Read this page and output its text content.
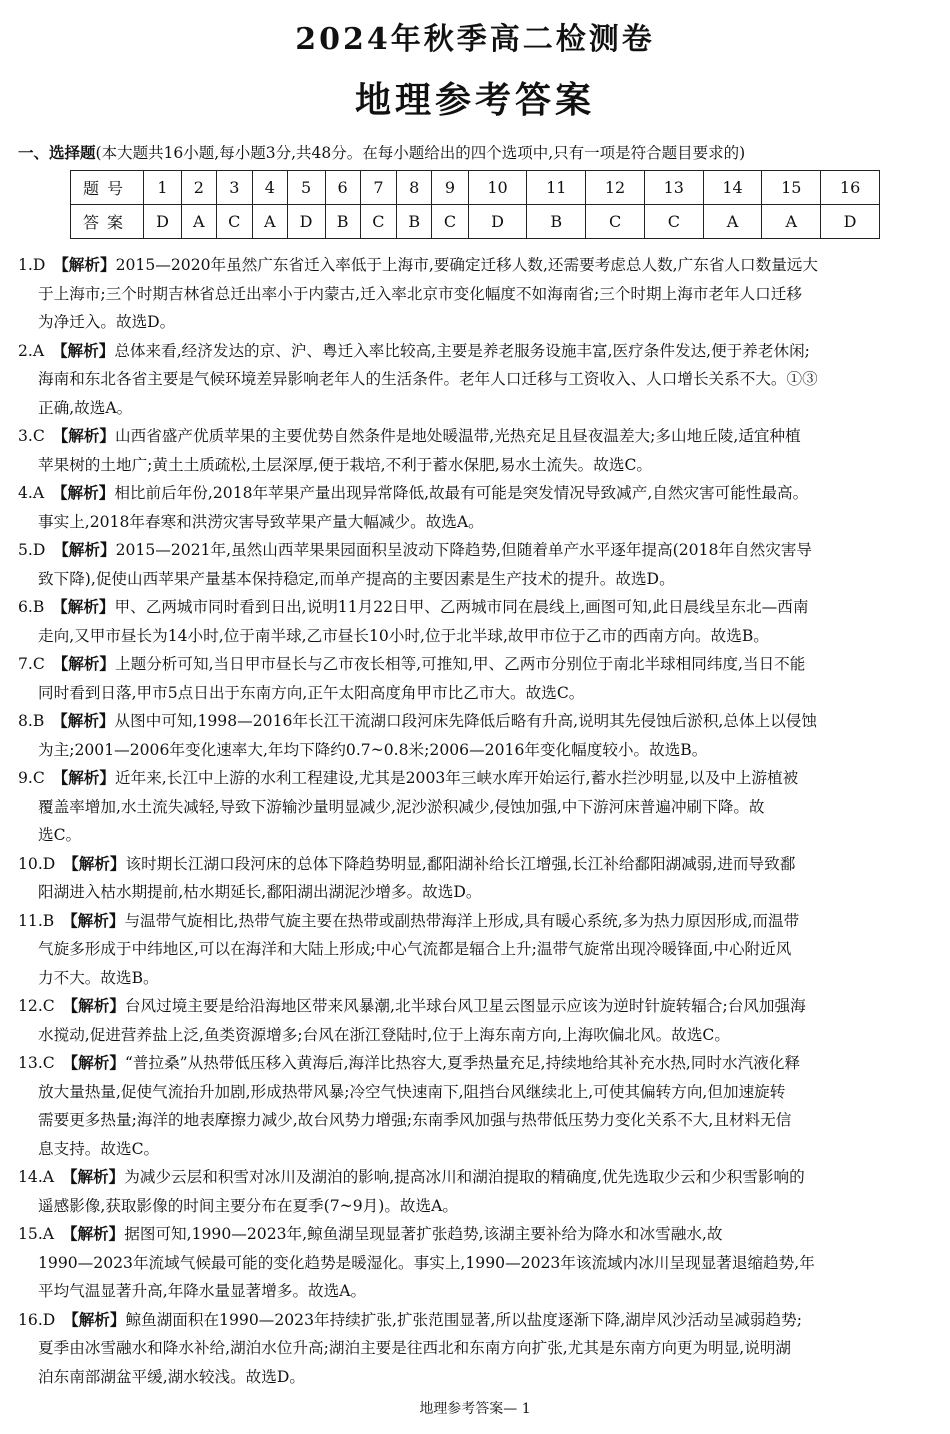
2024年秋季高二检测卷
地理参考答案
一、选择题(本大题共16小题,每小题3分,共48分。在每小题给出的四个选项中,只有一项是符合题目要求的)
题号	1	2	3	4	5	6	7	8	9	10	11	12	13	14	15	16
答案	D	A	C	A	D	B	C	B	C	D	B	C	C	A	A	D
1.D  【解析】2015—2020年虽然广东省迁入率低于上海市,要确定迁移人数,还需要考虑总人数,广东省人口数量远大
于上海市;三个时期吉林省总迁出率小于内蒙古,迁入率北京市变化幅度不如海南省;三个时期上海市老年人口迁移
为净迁入。故选D。
2.A  【解析】总体来看,经济发达的京、沪、粤迁入率比较高,主要是养老服务设施丰富,医疗条件发达,便于养老休闲;
海南和东北各省主要是气候环境差异影响老年人的生活条件。老年人口迁移与工资收入、人口增长关系不大。①③
正确,故选A。
3.C  【解析】山西省盛产优质苹果的主要优势自然条件是地处暖温带,光热充足且昼夜温差大;多山地丘陵,适宜种植
苹果树的土地广;黄土土质疏松,土层深厚,便于栽培,不利于蓄水保肥,易水土流失。故选C。
4.A  【解析】相比前后年份,2018年苹果产量出现异常降低,故最有可能是突发情况导致减产,自然灾害可能性最高。
事实上,2018年春寒和洪涝灾害导致苹果产量大幅减少。故选A。
5.D  【解析】2015—2021年,虽然山西苹果果园面积呈波动下降趋势,但随着单产水平逐年提高(2018年自然灾害导
致下降),促使山西苹果产量基本保持稳定,而单产提高的主要因素是生产技术的提升。故选D。
6.B  【解析】甲、乙两城市同时看到日出,说明11月22日甲、乙两城市同在晨线上,画图可知,此日晨线呈东北—西南
走向,又甲市昼长为14小时,位于南半球,乙市昼长10小时,位于北半球,故甲市位于乙市的西南方向。故选B。
7.C  【解析】上题分析可知,当日甲市昼长与乙市夜长相等,可推知,甲、乙两市分别位于南北半球相同纬度,当日不能
同时看到日落,甲市5点日出于东南方向,正午太阳高度角甲市比乙市大。故选C。
8.B  【解析】从图中可知,1998—2016年长江干流湖口段河床先降低后略有升高,说明其先侵蚀后淤积,总体上以侵蚀
为主;2001—2006年变化速率大,年均下降约0.7~0.8米;2006—2016年变化幅度较小。故选B。
9.C  【解析】近年来,长江中上游的水利工程建设,尤其是2003年三峡水库开始运行,蓄水拦沙明显,以及中上游植被
覆盖率增加,水土流失减轻,导致下游输沙量明显减少,泥沙淤积减少,侵蚀加强,中下游河床普遍冲刷下降。故
选C。
10.D  【解析】该时期长江湖口段河床的总体下降趋势明显,鄱阳湖补给长江增强,长江补给鄱阳湖减弱,进而导致鄱
阳湖进入枯水期提前,枯水期延长,鄱阳湖出湖泥沙增多。故选D。
11.B  【解析】与温带气旋相比,热带气旋主要在热带或副热带海洋上形成,具有暖心系统,多为热力原因形成,而温带
气旋多形成于中纬地区,可以在海洋和大陆上形成;中心气流都是辐合上升;温带气旋常出现冷暖锋面,中心附近风
力不大。故选B。
12.C  【解析】台风过境主要是给沿海地区带来风暴潮,北半球台风卫星云图显示应该为逆时针旋转辐合;台风加强海
水搅动,促进营养盐上泛,鱼类资源增多;台风在浙江登陆时,位于上海东南方向,上海吹偏北风。故选C。
13.C  【解析】“普拉桑”从热带低压移入黄海后,海洋比热容大,夏季热量充足,持续地给其补充水热,同时水汽液化释
放大量热量,促使气流抬升加剧,形成热带风暴;冷空气快速南下,阻挡台风继续北上,可使其偏转方向,但加速旋转
需要更多热量;海洋的地表摩擦力减少,故台风势力增强;东南季风加强与热带低压势力变化关系不大,且材料无信
息支持。故选C。
14.A  【解析】为减少云层和积雪对冰川及湖泊的影响,提高冰川和湖泊提取的精确度,优先选取少云和少积雪影响的
遥感影像,获取影像的时间主要分布在夏季(7~9月)。故选A。
15.A  【解析】据图可知,1990—2023年,鲸鱼湖呈现显著扩张趋势,该湖主要补给为降水和冰雪融水,故
1990—2023年流域气候最可能的变化趋势是暖湿化。事实上,1990—2023年该流域内冰川呈现显著退缩趋势,年
平均气温显著升高,年降水量显著增多。故选A。
16.D  【解析】鲸鱼湖面积在1990—2023年持续扩张,扩张范围显著,所以盐度逐渐下降,湖岸风沙活动呈减弱趋势;
夏季由冰雪融水和降水补给,湖泊水位升高;湖泊主要是往西北和东南方向扩张,尤其是东南方向更为明显,说明湖
泊东南部湖盆平缓,湖水较浅。故选D。
地理参考答案— 1
